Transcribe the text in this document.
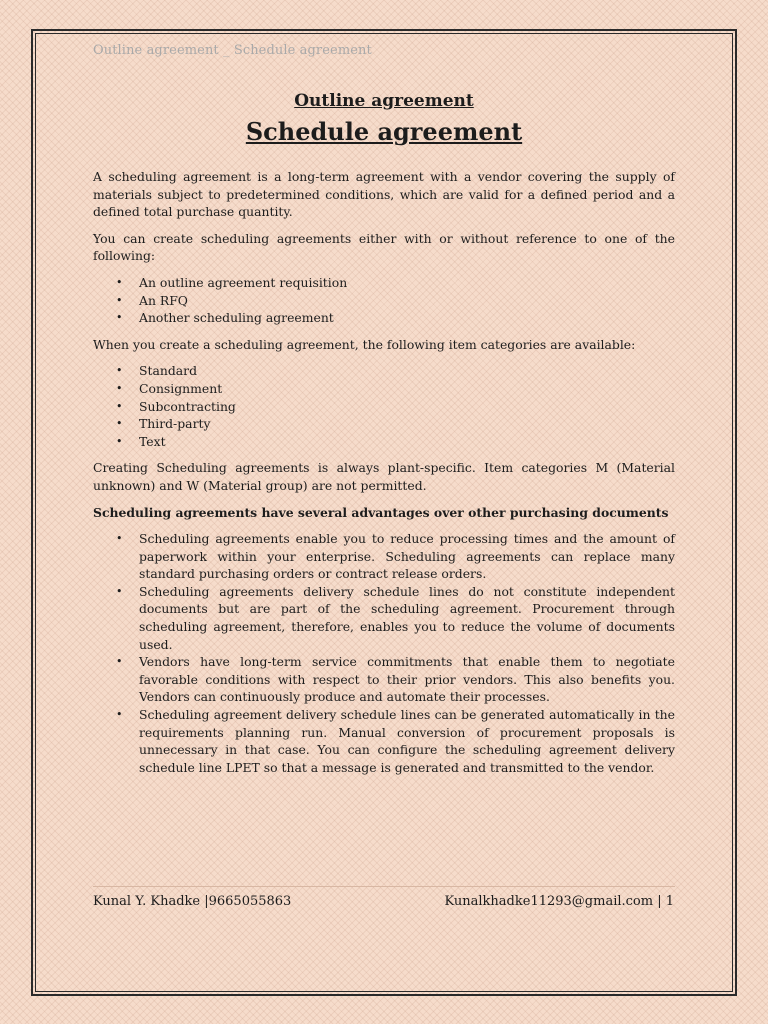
Outline agreement _ Schedule agreement
Outline agreement
Schedule agreement

A scheduling agreement is a long-term agreement with a vendor covering the supply of materials subject to predetermined conditions, which are valid for a defined period and a defined total purchase quantity.

You can create scheduling agreements either with or without reference to one of the following:

• An outline agreement requisition
• An RFQ
• Another scheduling agreement

When you create a scheduling agreement, the following item categories are available:

• Standard
• Consignment
• Subcontracting
• Third-party
• Text

Creating Scheduling agreements is always plant-specific. Item categories M (Material unknown) and W (Material group) are not permitted.

Scheduling agreements have several advantages over other purchasing documents

• Scheduling agreements enable you to reduce processing times and the amount of paperwork within your enterprise. Scheduling agreements can replace many standard purchasing orders or contract release orders.
• Scheduling agreements delivery schedule lines do not constitute independent documents but are part of the scheduling agreement. Procurement through scheduling agreement, therefore, enables you to reduce the volume of documents used.
• Vendors have long-term service commitments that enable them to negotiate favorable conditions with respect to their prior vendors. This also benefits you. Vendors can continuously produce and automate their processes.
• Scheduling agreement delivery schedule lines can be generated automatically in the requirements planning run. Manual conversion of procurement proposals is unnecessary in that case. You can configure the scheduling agreement delivery schedule line LPET so that a message is generated and transmitted to the vendor.
Kunal Y. Khadke |9665055863	Kunalkhadke11293@gmail.com | 1
